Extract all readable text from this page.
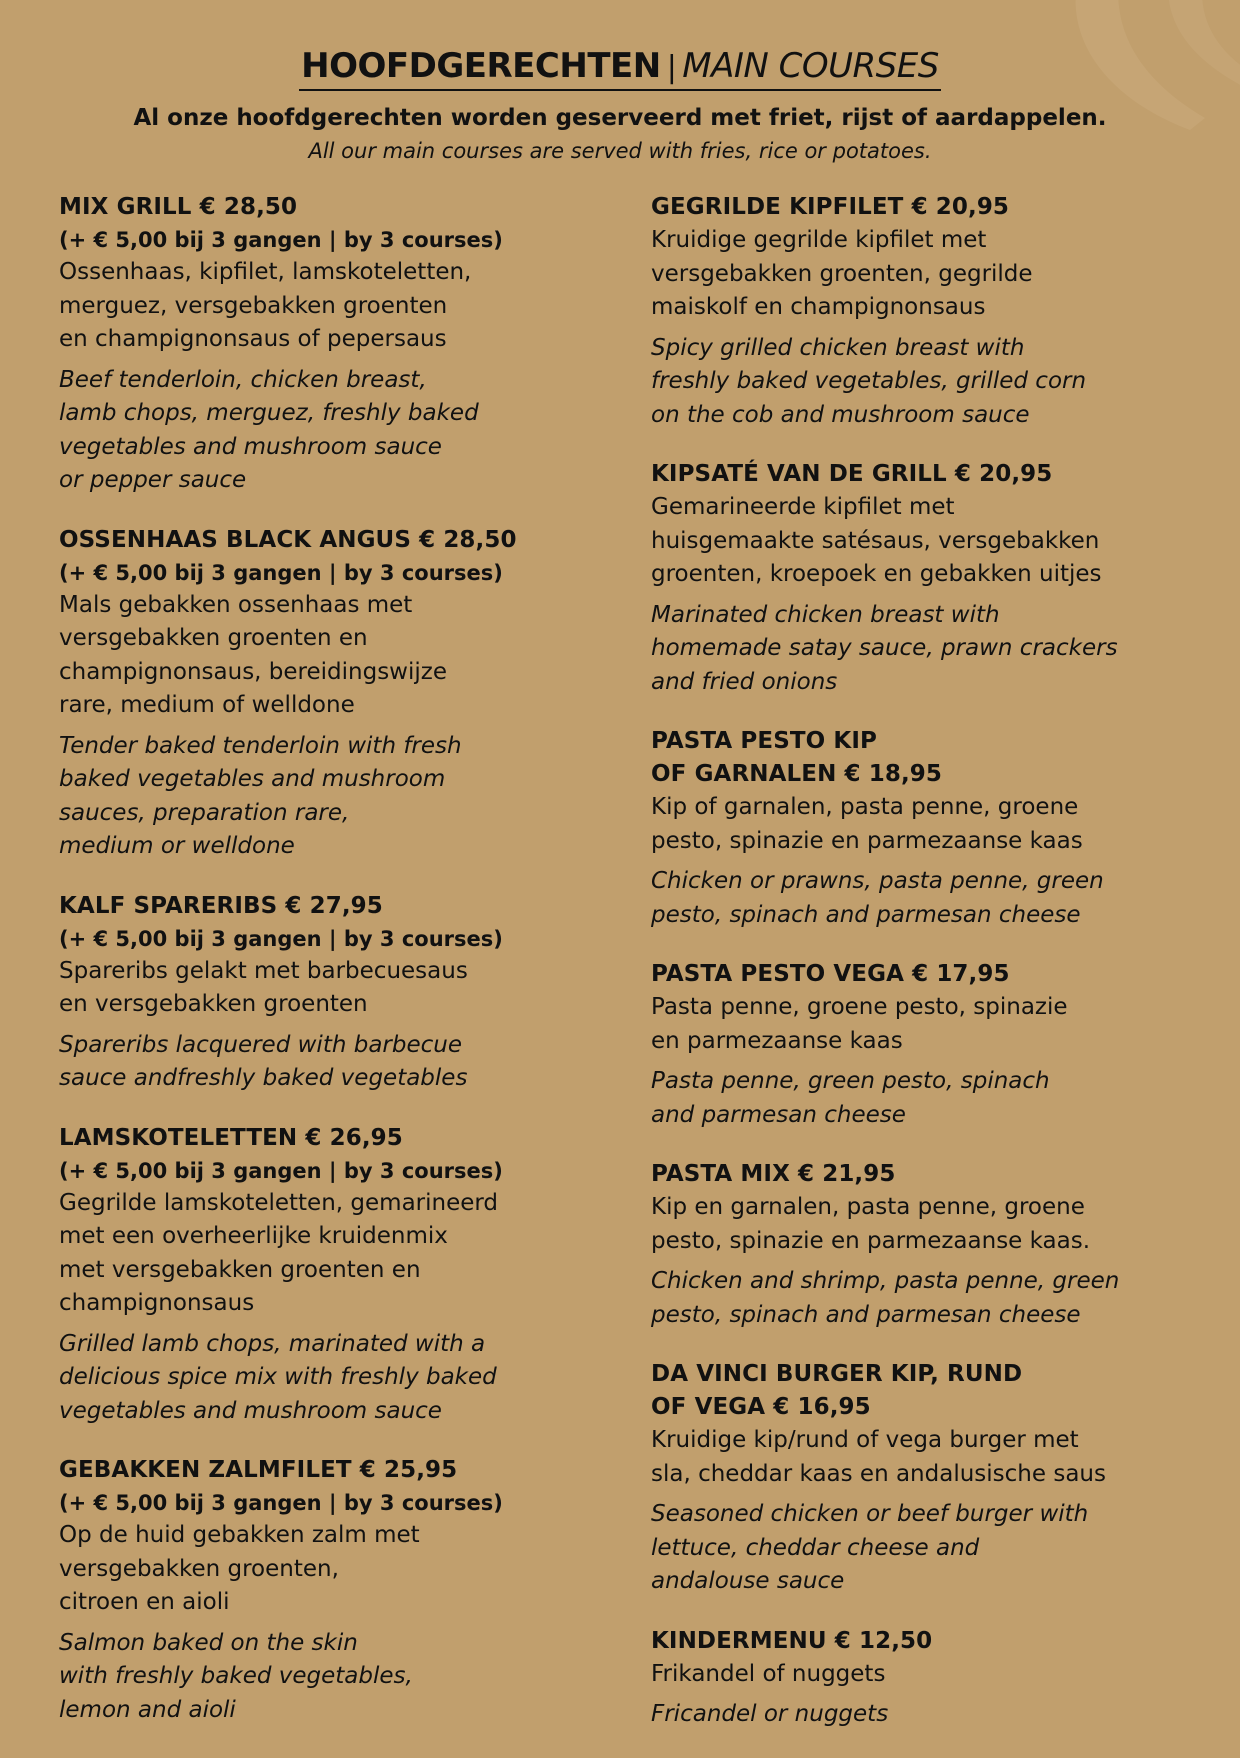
HOOFDGERECHTEN | MAIN COURSES
Al onze hoofdgerechten worden geserveerd met friet, rijst of aardappelen.
All our main courses are served with fries, rice or potatoes.
MIX GRILL € 28,50
(+ € 5,00 bij 3 gangen | by 3 courses)
Ossenhaas, kipfilet, lamskoteletten,
merguez, versgebakken groenten
en champignonsaus of pepersaus
Beef tenderloin, chicken breast,
lamb chops, merguez, freshly baked
vegetables and mushroom sauce
or pepper sauce
OSSENHAAS BLACK ANGUS € 28,50
(+ € 5,00 bij 3 gangen | by 3 courses)
Mals gebakken ossenhaas met
versgebakken groenten en
champignonsaus, bereidingswijze
rare, medium of welldone
Tender baked tenderloin with fresh
baked vegetables and mushroom
sauces, preparation rare,
medium or welldone
KALF SPARERIBS € 27,95
(+ € 5,00 bij 3 gangen | by 3 courses)
Spareribs gelakt met barbecuesaus
en versgebakken groenten
Spareribs lacquered with barbecue
sauce andfreshly baked vegetables
LAMSKOTELETTEN € 26,95
(+ € 5,00 bij 3 gangen | by 3 courses)
Gegrilde lamskoteletten, gemarineerd
met een overheerlijke kruidenmix
met versgebakken groenten en
champignonsaus
Grilled lamb chops, marinated with a
delicious spice mix with freshly baked
vegetables and mushroom sauce
GEBAKKEN ZALMFILET € 25,95
(+ € 5,00 bij 3 gangen | by 3 courses)
Op de huid gebakken zalm met
versgebakken groenten,
citroen en aioli
Salmon baked on the skin
with freshly baked vegetables,
lemon and aioli
GEGRILDE KIPFILET € 20,95
Kruidige gegrilde kipfilet met
versgebakken groenten, gegrilde
maiskolf en champignonsaus
Spicy grilled chicken breast with
freshly baked vegetables, grilled corn
on the cob and mushroom sauce
KIPSATÉ VAN DE GRILL € 20,95
Gemarineerde kipfilet met
huisgemaakte satésaus, versgebakken
groenten, kroepoek en gebakken uitjes
Marinated chicken breast with
homemade satay sauce, prawn crackers
and fried onions
PASTA PESTO KIP
OF GARNALEN € 18,95
Kip of garnalen, pasta penne, groene
pesto, spinazie en parmezaanse kaas
Chicken or prawns, pasta penne, green
pesto, spinach and parmesan cheese
PASTA PESTO VEGA € 17,95
Pasta penne, groene pesto, spinazie
en parmezaanse kaas
Pasta penne, green pesto, spinach
and parmesan cheese
PASTA MIX € 21,95
Kip en garnalen, pasta penne, groene
pesto, spinazie en parmezaanse kaas.
Chicken and shrimp, pasta penne, green
pesto, spinach and parmesan cheese
DA VINCI BURGER KIP, RUND
OF VEGA € 16,95
Kruidige kip/rund of vega burger met
sla, cheddar kaas en andalusische saus
Seasoned chicken or beef burger with
lettuce, cheddar cheese and
andalouse sauce
KINDERMENU € 12,50
Frikandel of nuggets
Fricandel or nuggets
